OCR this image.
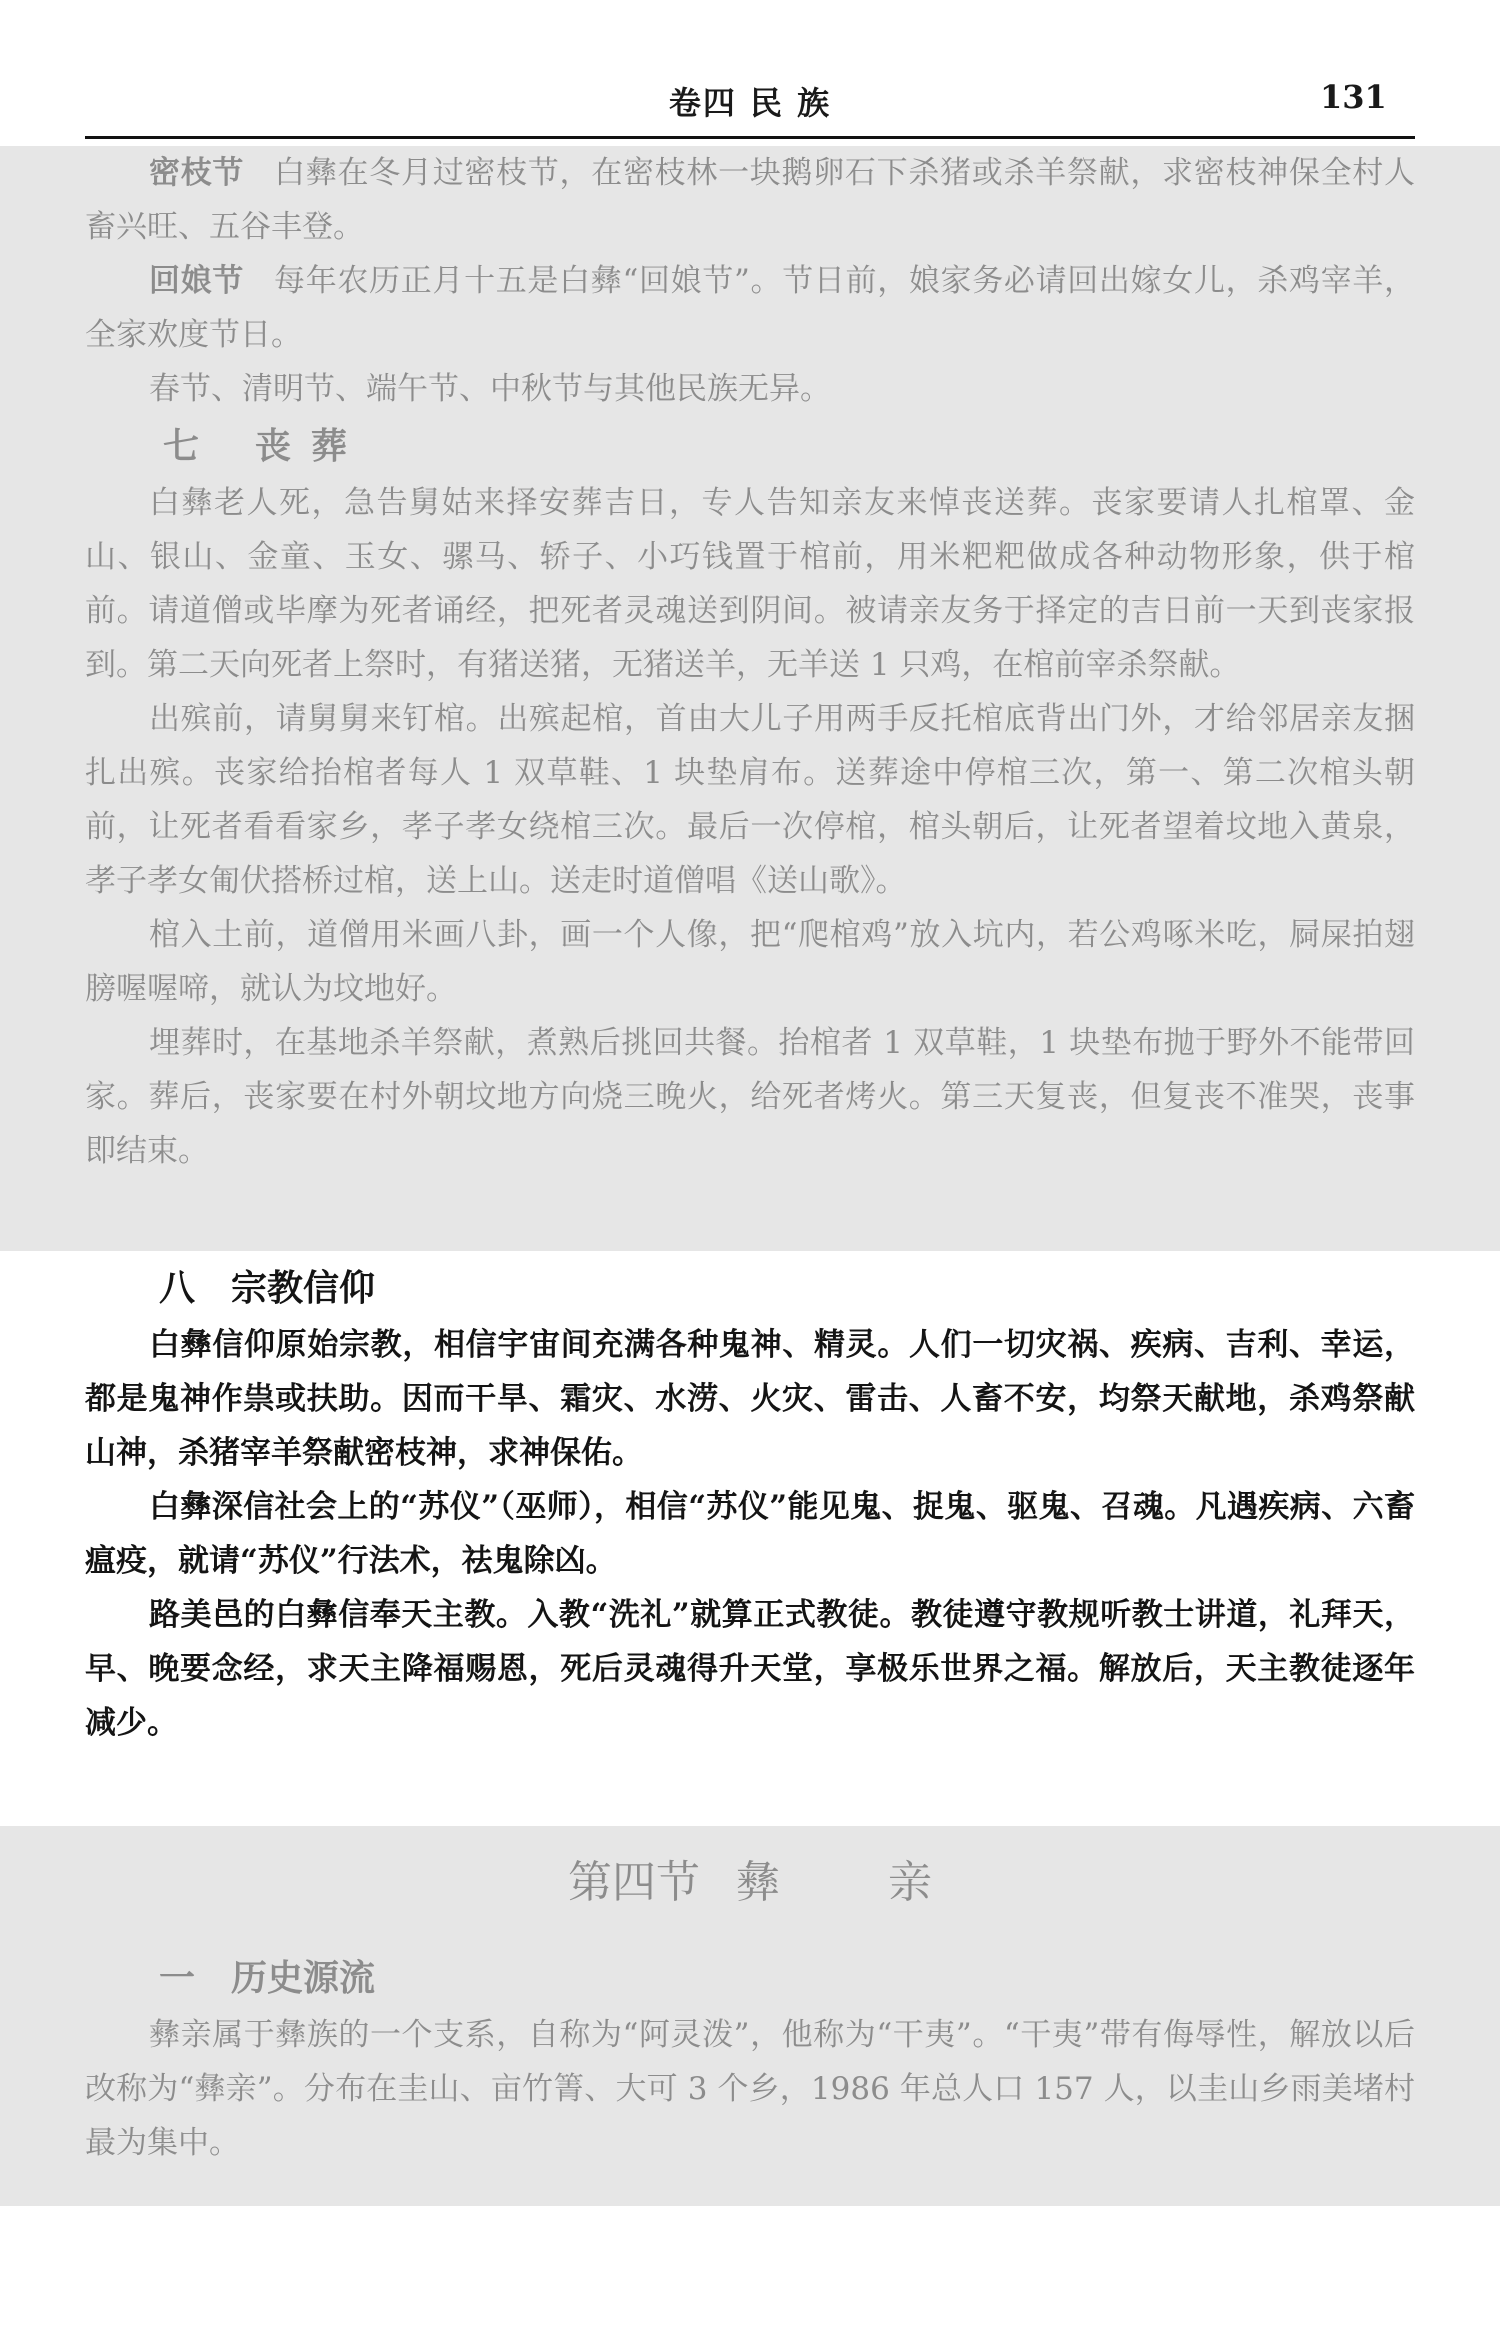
卷四 民 族	131

密枝节 白彝在冬月过密枝节，在密枝林一块鹅卵石下杀猪或杀羊祭献，求密枝神保全村人畜兴旺、五谷丰登。

回娘节 每年农历正月十五是白彝“回娘节”。节日前，娘家务必请回出嫁女儿，杀鸡宰羊，全家欢度节日。

春节、清明节、端午节、中秋节与其他民族无异。

七 丧葬

白彝老人死，急告舅姑来择安葬吉日，专人告知亲友来悼丧送葬。丧家要请人扎棺罩、金山、银山、金童、玉女、骡马、轿子、小巧钱置于棺前，用米粑粑做成各种动物形象，供于棺前。请道僧或毕摩为死者诵经，把死者灵魂送到阴间。被请亲友务于择定的吉日前一天到丧家报到。第二天向死者上祭时，有猪送猪，无猪送羊，无羊送 1 只鸡，在棺前宰杀祭献。

出殡前，请舅舅来钉棺。出殡起棺，首由大儿子用两手反托棺底背出门外，才给邻居亲友捆扎出殡。丧家给抬棺者每人 1 双草鞋、1 块垫肩布。送葬途中停棺三次，第一、第二次棺头朝前，让死者看看家乡，孝子孝女绕棺三次。最后一次停棺，棺头朝后，让死者望着坟地入黄泉，孝子孝女匍伏搭桥过棺，送上山。送走时道僧唱《送山歌》。

棺入土前，道僧用米画八卦，画一个人像，把“爬棺鸡”放入坑内，若公鸡啄米吃，屙屎拍翅膀喔喔啼，就认为坟地好。

埋葬时，在基地杀羊祭献，煮熟后挑回共餐。抬棺者 1 双草鞋，1 块垫布抛于野外不能带回家。葬后，丧家要在村外朝坟地方向烧三晚火，给死者烤火。第三天复丧，但复丧不准哭，丧事即结束。

八 宗教信仰

白彝信仰原始宗教，相信宇宙间充满各种鬼神、精灵。人们一切灾祸、疾病、吉利、幸运，都是鬼神作祟或扶助。因而干旱、霜灾、水涝、火灾、雷击、人畜不安，均祭天献地，杀鸡祭献山神，杀猪宰羊祭献密枝神，求神保佑。

白彝深信社会上的“苏仪”（巫师），相信“苏仪”能见鬼、捉鬼、驱鬼、召魂。凡遇疾病、六畜瘟疫，就请“苏仪”行法术，祛鬼除凶。

路美邑的白彝信奉天主教。入教“洗礼”就算正式教徒。教徒遵守教规听教士讲道，礼拜天，早、晚要念经，求天主降福赐恩，死后灵魂得升天堂，享极乐世界之福。解放后，天主教徒逐年减少。

第四节 彝 亲
一 历史源流

彝亲属于彝族的一个支系，自称为“阿灵泼”，他称为“干夷”。“干夷”带有侮辱性，解放以后改称为“彝亲”。分布在圭山、亩竹箐、大可 3 个乡，1986 年总人口 157 人，以圭山乡雨美堵村最为集中。
